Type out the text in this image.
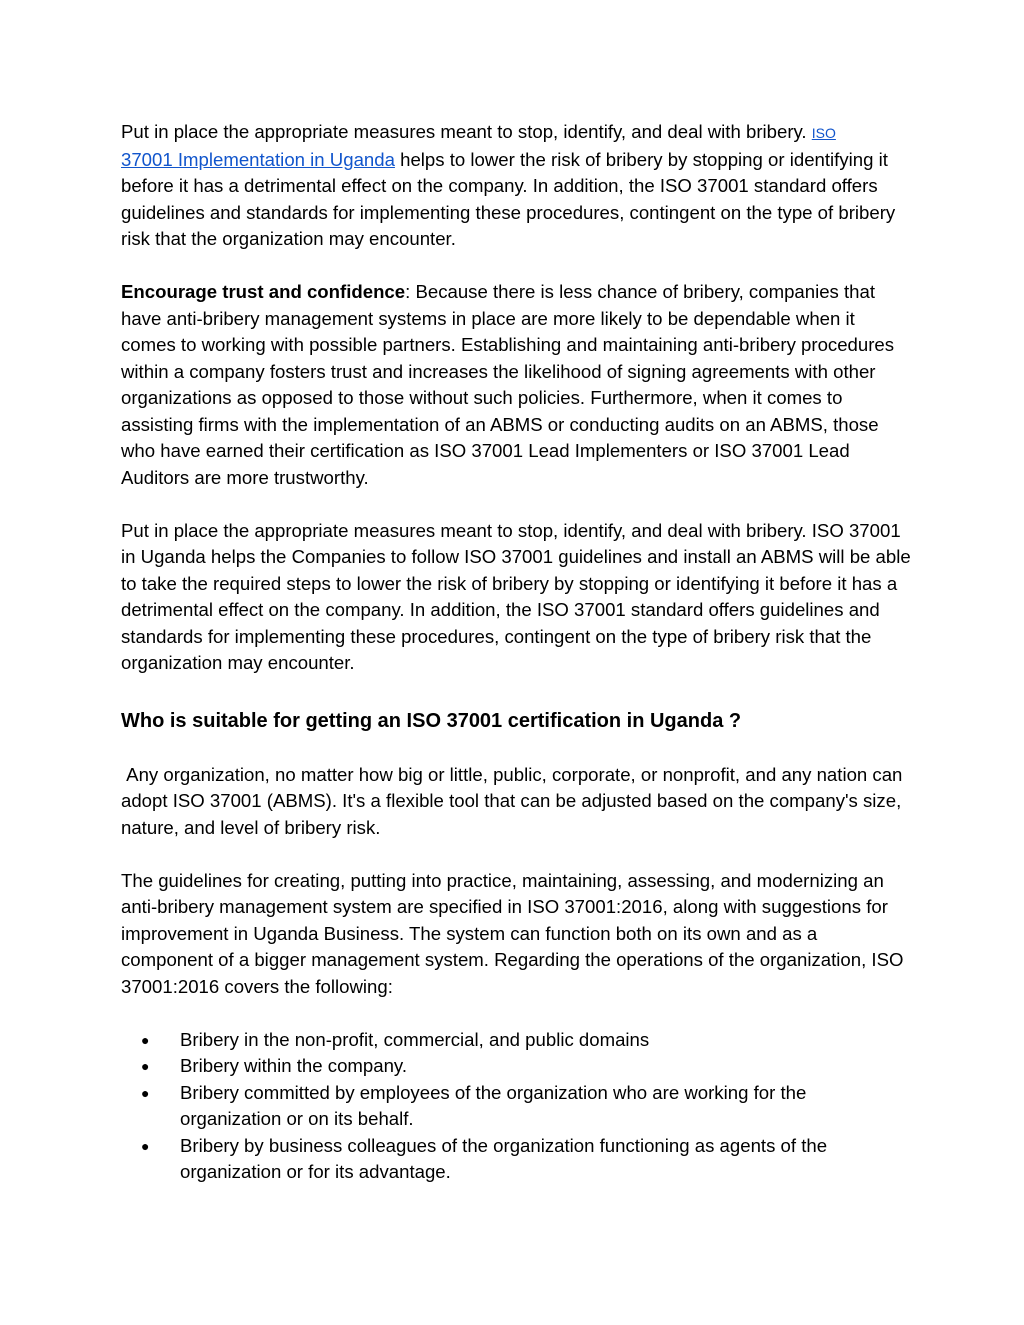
Put in place the appropriate measures meant to stop, identify, and deal with bribery. ISO
37001 Implementation in Uganda helps to lower the risk of bribery by stopping or identifying it before it has a detrimental effect on the company. In addition, the ISO 37001 standard offers guidelines and standards for implementing these procedures, contingent on the type of bribery risk that the organization may encounter.

Encourage trust and confidence: Because there is less chance of bribery, companies that have anti-bribery management systems in place are more likely to be dependable when it comes to working with possible partners. Establishing and maintaining anti-bribery procedures within a company fosters trust and increases the likelihood of signing agreements with other organizations as opposed to those without such policies. Furthermore, when it comes to assisting firms with the implementation of an ABMS or conducting audits on an ABMS, those who have earned their certification as ISO 37001 Lead Implementers or ISO 37001 Lead Auditors are more trustworthy.

Put in place the appropriate measures meant to stop, identify, and deal with bribery. ISO 37001 in Uganda helps the Companies to follow ISO 37001 guidelines and install an ABMS will be able to take the required steps to lower the risk of bribery by stopping or identifying it before it has a detrimental effect on the company. In addition, the ISO 37001 standard offers guidelines and standards for implementing these procedures, contingent on the type of bribery risk that the organization may encounter.

Who is suitable for getting an ISO 37001 certification in Uganda ?

Any organization, no matter how big or little, public, corporate, or nonprofit, and any nation can adopt ISO 37001 (ABMS). It's a flexible tool that can be adjusted based on the company's size, nature, and level of bribery risk.

The guidelines for creating, putting into practice, maintaining, assessing, and modernizing an anti-bribery management system are specified in ISO 37001:2016, along with suggestions for improvement in Uganda Business. The system can function both on its own and as a component of a bigger management system. Regarding the operations of the organization, ISO 37001:2016 covers the following:

● Bribery in the non-profit, commercial, and public domains
● Bribery within the company.
● Bribery committed by employees of the organization who are working for the organization or on its behalf.
● Bribery by business colleagues of the organization functioning as agents of the organization or for its advantage.
